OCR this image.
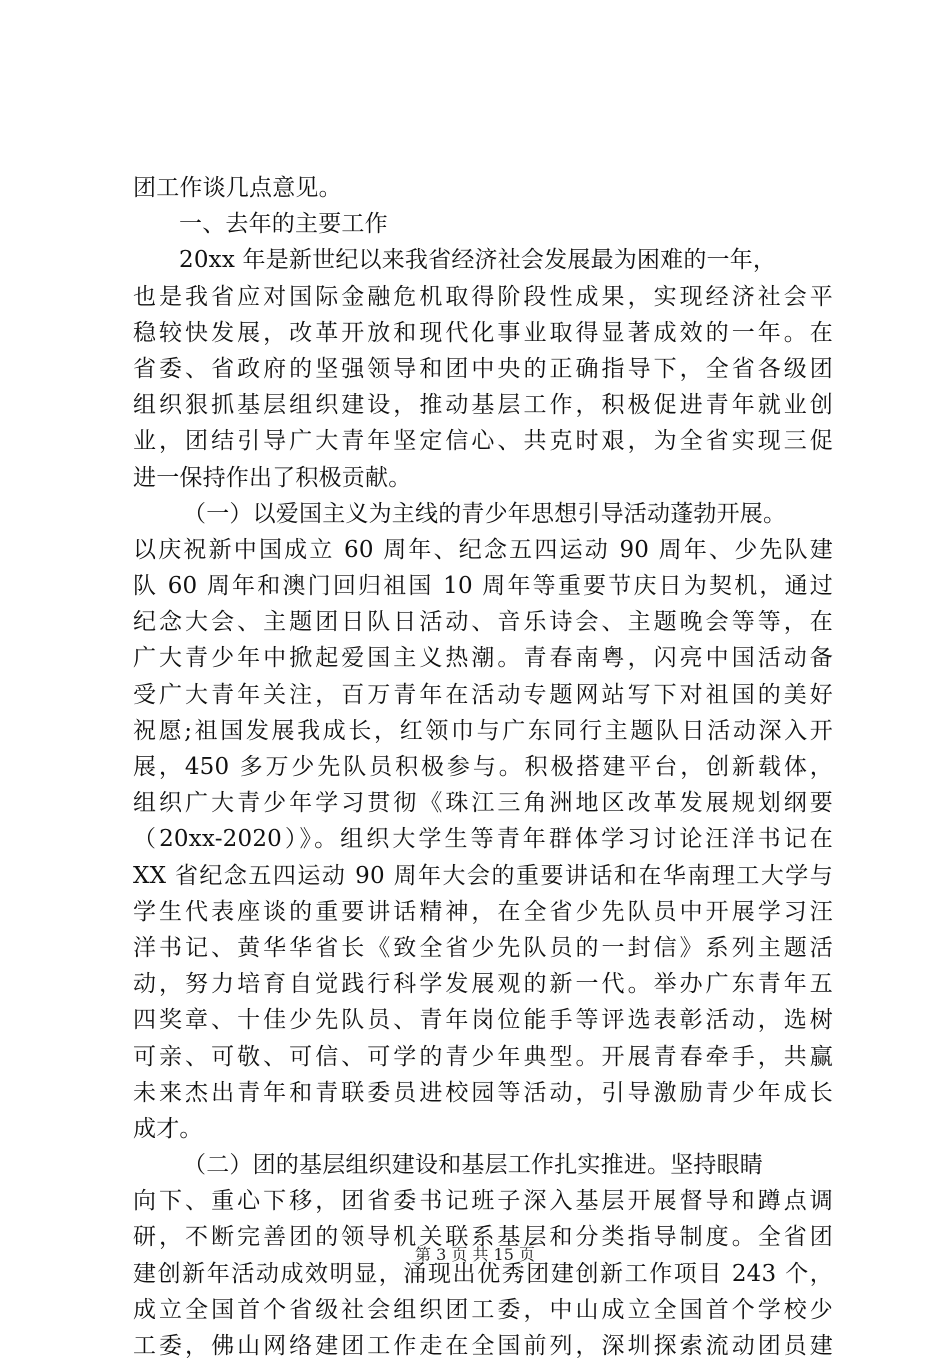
团工作谈几点意见。
一、去年的主要工作
20xx 年是新世纪以来我省经济社会发展最为困难的一年，
也是我省应对国际金融危机取得阶段性成果，实现经济社会平
稳较快发展，改革开放和现代化事业取得显著成效的一年。在
省委、省政府的坚强领导和团中央的正确指导下，全省各级团
组织狠抓基层组织建设，推动基层工作，积极促进青年就业创
业，团结引导广大青年坚定信心、共克时艰，为全省实现三促
进一保持作出了积极贡献。
（一）以爱国主义为主线的青少年思想引导活动蓬勃开展。
以庆祝新中国成立 60 周年、纪念五四运动 90 周年、少先队建
队 60 周年和澳门回归祖国 10 周年等重要节庆日为契机，通过
纪念大会、主题团日队日活动、音乐诗会、主题晚会等等，在
广大青少年中掀起爱国主义热潮。青春南粤，闪亮中国活动备
受广大青年关注，百万青年在活动专题网站写下对祖国的美好
祝愿;祖国发展我成长，红领巾与广东同行主题队日活动深入开
展，450 多万少先队员积极参与。积极搭建平台，创新载体，
组织广大青少年学习贯彻《珠江三角洲地区改革发展规划纲要
（20xx-2020）》。组织大学生等青年群体学习讨论汪洋书记在
XX 省纪念五四运动 90 周年大会的重要讲话和在华南理工大学与
学生代表座谈的重要讲话精神，在全省少先队员中开展学习汪
洋书记、黄华华省长《致全省少先队员的一封信》系列主题活
动，努力培育自觉践行科学发展观的新一代。举办广东青年五
四奖章、十佳少先队员、青年岗位能手等评选表彰活动，选树
可亲、可敬、可信、可学的青少年典型。开展青春牵手，共赢
未来杰出青年和青联委员进校园等活动，引导激励青少年成长
成才。
（二）团的基层组织建设和基层工作扎实推进。坚持眼睛
向下、重心下移，团省委书记班子深入基层开展督导和蹲点调
研，不断完善团的领导机关联系基层和分类指导制度。全省团
建创新年活动成效明显，涌现出优秀团建创新工作项目 243 个，
成立全国首个省级社会组织团工委，中山成立全国首个学校少
工委，佛山网络建团工作走在全国前列，深圳探索流动团员建
第 3 页 共 15 页
